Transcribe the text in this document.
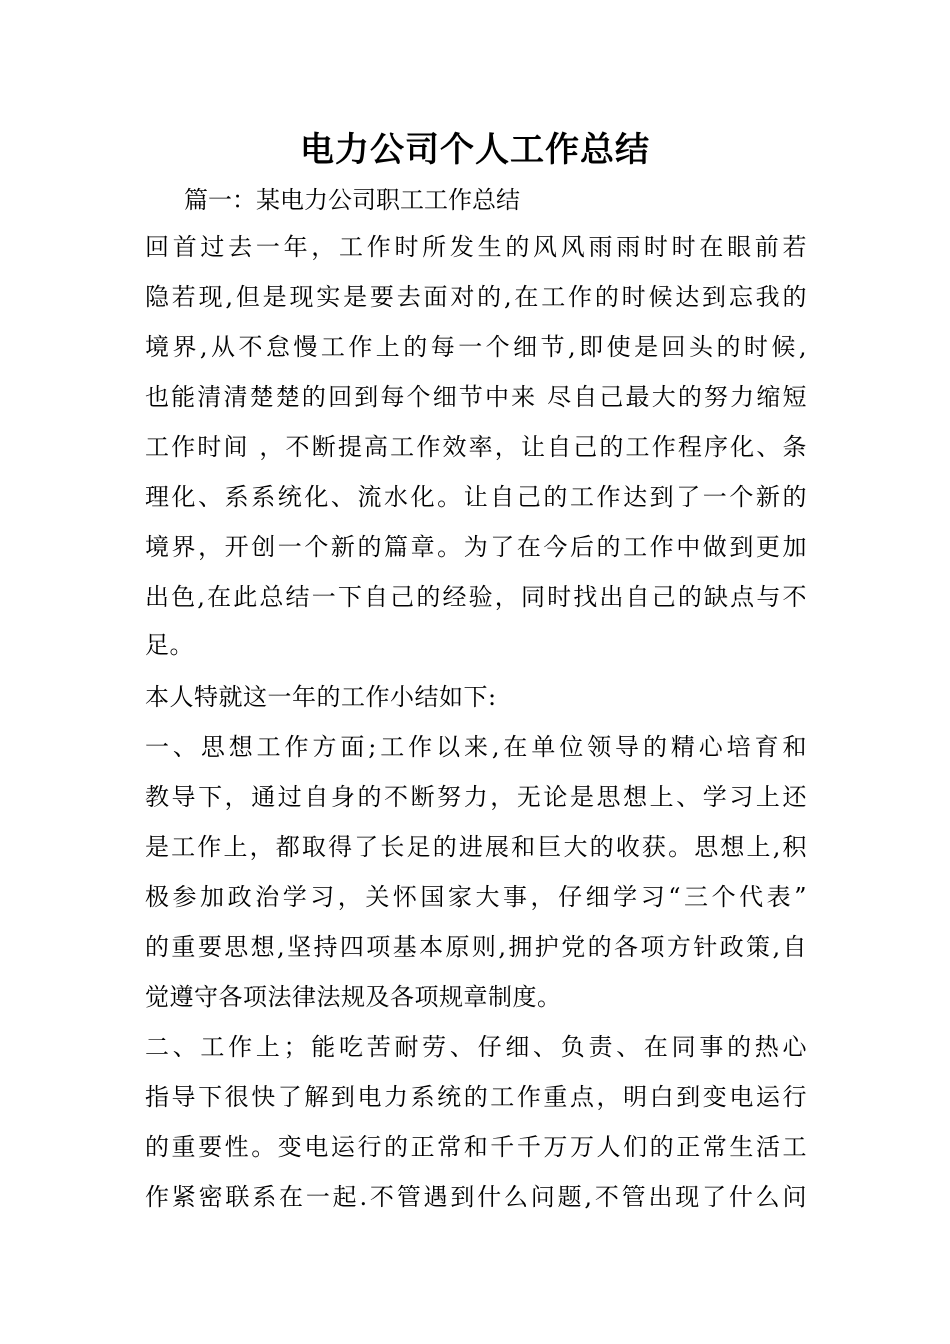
电力公司个人工作总结
篇一：某电力公司职工工作总结
回首过去一年，工作时所发生的风风雨雨时时在眼前若
隐若现,但是现实是要去面对的,在工作的时候达到忘我的
境界,从不怠慢工作上的每一个细节,即使是回头的时候,
也能清清楚楚的回到每个细节中来 尽自己最大的努力缩短
工作时间 ，不断提高工作效率，让自己的工作程序化、条
理化、系系统化、流水化。让自己的工作达到了一个新的
境界，开创一个新的篇章。为了在今后的工作中做到更加
出色,在此总结一下自己的经验，同时找出自己的缺点与不
足。
本人特就这一年的工作小结如下:
一、思想工作方面;工作以来,在单位领导的精心培育和
教导下，通过自身的不断努力，无论是思想上、学习上还
是工作上，都取得了长足的进展和巨大的收获。思想上,积
极参加政治学习，关怀国家大事，仔细学习“三个代表”
的重要思想,坚持四项基本原则,拥护党的各项方针政策,自
觉遵守各项法律法规及各项规章制度。
二、工作上；能吃苦耐劳、仔细、负责、在同事的热心
指导下很快了解到电力系统的工作重点，明白到变电运行
的重要性。变电运行的正常和千千万万人们的正常生活工
作紧密联系在一起.不管遇到什么问题,不管出现了什么问
